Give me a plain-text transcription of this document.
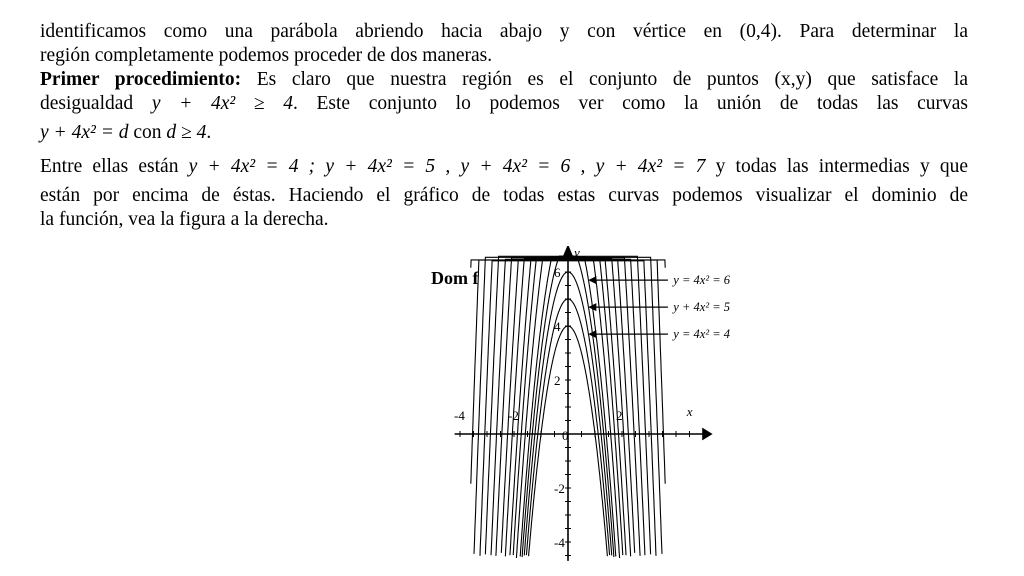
identificamos como una parábola abriendo hacia abajo y con vértice en (0,4). Para determinar la
región completamente podemos proceder de dos maneras.
Primer procedimiento: Es claro que nuestra región es el conjunto de puntos (x,y) que satisface la
desigualdad y + 4x² ≥ 4. Este conjunto lo podemos ver como la unión de todas las curvas
y + 4x² = d con d ≥ 4.
Entre ellas están y + 4x² = 4 ; y + 4x² = 5 , y + 4x² = 6 , y + 4x² = 7 y todas las intermedias y que
están por encima de éstas. Haciendo el gráfico de todas estas curvas podemos visualizar el dominio de
la función, vea la figura a la derecha.
Dom f
-4	-2
0
2
6
4
2
-2
-4
x
y
y = 4x² = 6
y + 4x² = 5
y = 4x² = 4
